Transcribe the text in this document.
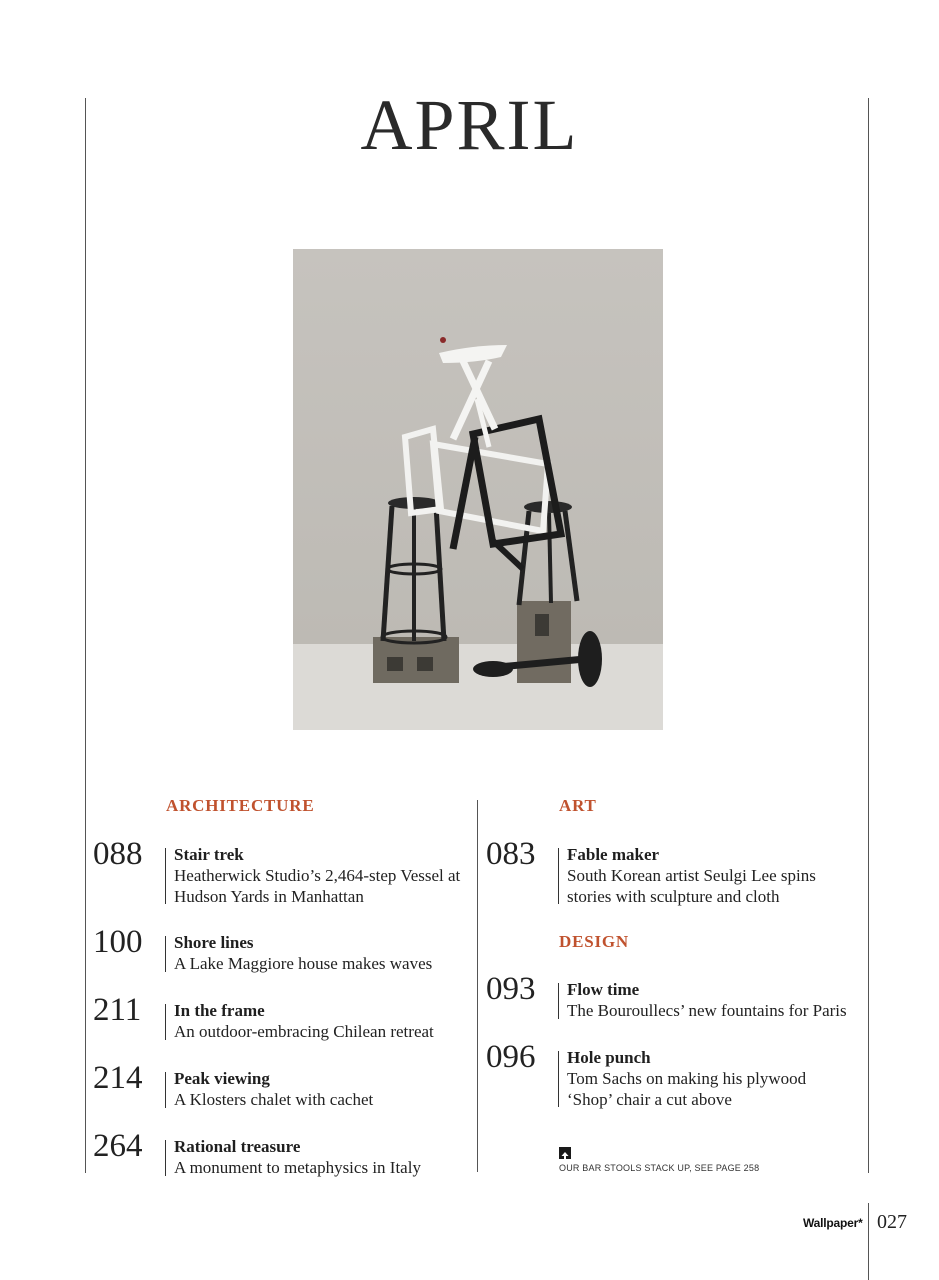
APRIL
ARCHITECTURE
088 Stair trek
Heatherwick Studio’s 2,464-step Vessel at Hudson Yards in Manhattan
100 Shore lines
A Lake Maggiore house makes waves
211 In the frame
An outdoor-embracing Chilean retreat
214 Peak viewing
A Klosters chalet with cachet
264 Rational treasure
A monument to metaphysics in Italy
ART
083 Fable maker
South Korean artist Seulgi Lee spins stories with sculpture and cloth
DESIGN
093 Flow time
The Bouroullecs’ new fountains for Paris
096 Hole punch
Tom Sachs on making his plywood ‘Shop’ chair a cut above
OUR BAR STOOLS STACK UP, SEE PAGE 258
Wallpaper* 027
